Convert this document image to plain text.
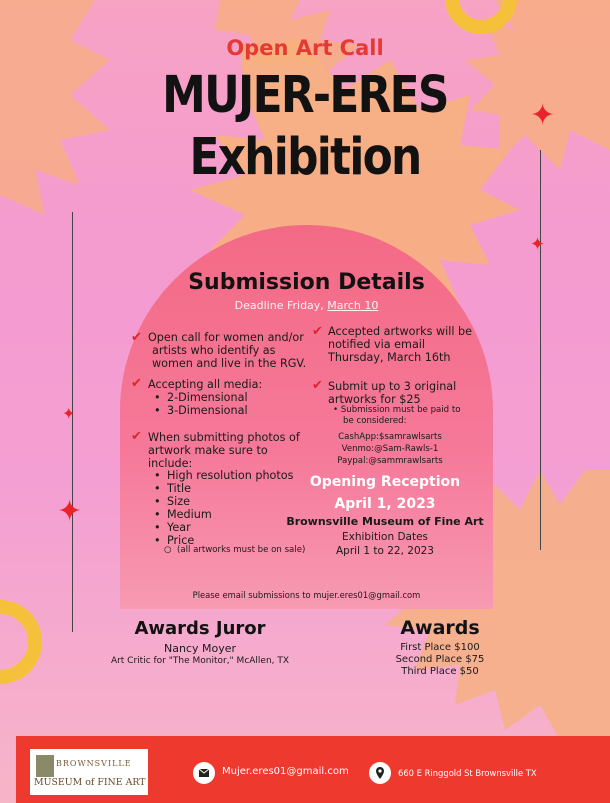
✦
✦
✦
✦
Open Art Call
MUJER-ERES
Exhibition
Submission Details
Deadline Friday, March 10
✔ Open call for women and/or
artists who identify as
women and live in the RGV.
✔ Accepting all media:
• 2-Dimensional
• 3-Dimensional
✔ When submitting photos of
artwork make sure to
include:
• High resolution photos
• Title
• Size
• Medium
• Year
• Price
○  (all artworks must be on sale)
✔ Accepted artworks will be
notified via email
Thursday, March 16th
✔ Submit up to 3 original
artworks for $25
• Submission must be paid to
be considered:
CashApp:$samrawlsarts
Venmo:@Sam-Rawls-1
Paypal:@sammrawlsarts
Opening Reception
April 1, 2023
Brownsville Museum of Fine Art
Exhibition Dates
April 1 to 22, 2023
Please email submissions to mujer.eres01@gmail.com
Awards Juror
Nancy Moyer
Art Critic for "The Monitor," McAllen, TX
Awards
First Place $100
Second Place $75
Third Place $50
BROWNSVILLE
MUSEUM of FINE ART
Mujer.eres01@gmail.com	660 E Ringgold St Brownsville TX
